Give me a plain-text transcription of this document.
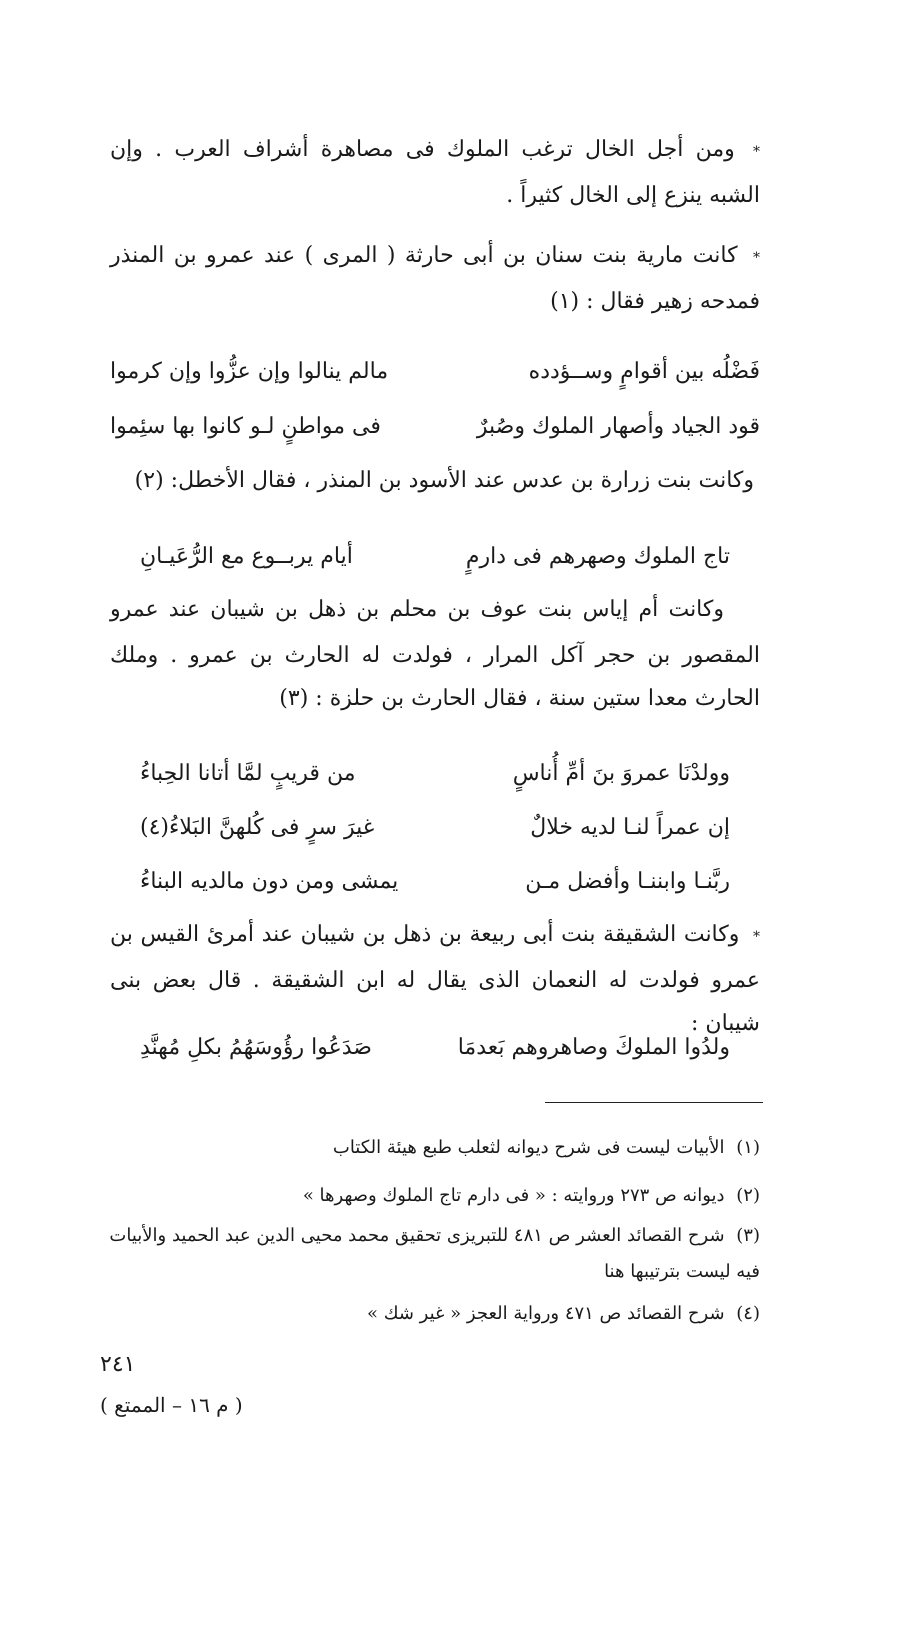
* ومن أجل الخال ترغب الملوك فى مصاهرة أشراف العرب . وإن الشبه ينزع إلى الخال كثيراً .
* كانت مارية بنت سنان بن أبى حارثة ( المرى ) عند عمرو بن المنذر فمدحه زهير فقال : (١)
فَضْلُه بين أقوامٍ وســؤدده
مالم ينالوا وإن عزُّوا وإن كرموا
قود الجياد وأصهار الملوك وصُبرٌ
فى مواطنٍ لـو كانوا بها سئِموا
وكانت بنت زرارة بن عدس عند الأسود بن المنذر ، فقال الأخطل: (٢)
تاج الملوك وصهرهم فى دارمٍ
أيام يربــوع مع الرُّعَيـانِ
وكانت أم إياس بنت عوف بن محلم بن ذهل بن شيبان عند عمرو المقصور بن حجر آكل المرار ، فولدت له الحارث بن عمرو . وملك الحارث معدا ستين سنة ، فقال الحارث بن حلزة : (٣)
وولدْنَا عمروَ بنَ أمِّ أُناسٍ
من قريبٍ لمَّا أتانا الحِباءُ
إن عمراً لنـا لديه خلالٌ
غيرَ سرٍ فى كُلهنَّ البَلاءُ(٤)
ربَّنـا وابننـا وأفضل مـن
يمشى ومن دون مالديه البناءُ
* وكانت الشقيقة بنت أبى ربيعة بن ذهل بن شيبان عند أمرئ القيس بن عمرو فولدت له النعمان الذى يقال له ابن الشقيقة . قال بعض بنى شيبان :
ولدُوا الملوكَ وصاهروهم بَعدمَا
صَدَعُوا رؤُوسَهُمُ بكلِ مُهنَّدِ
(١) الأبيات ليست فى شرح ديوانه لثعلب طبع هيئة الكتاب
(٢) ديوانه ص ٢٧٣ وروايته : « فى دارم تاج الملوك وصهرها »
(٣) شرح القصائد العشر ص ٤٨١ للتبريزى تحقيق محمد محيى الدين عبد الحميد والأبيات فيه ليست بترتيبها هنا
(٤) شرح القصائد ص ٤٧١ ورواية العجز « غير شك »
٢٤١
( م ١٦ – الممتع )
